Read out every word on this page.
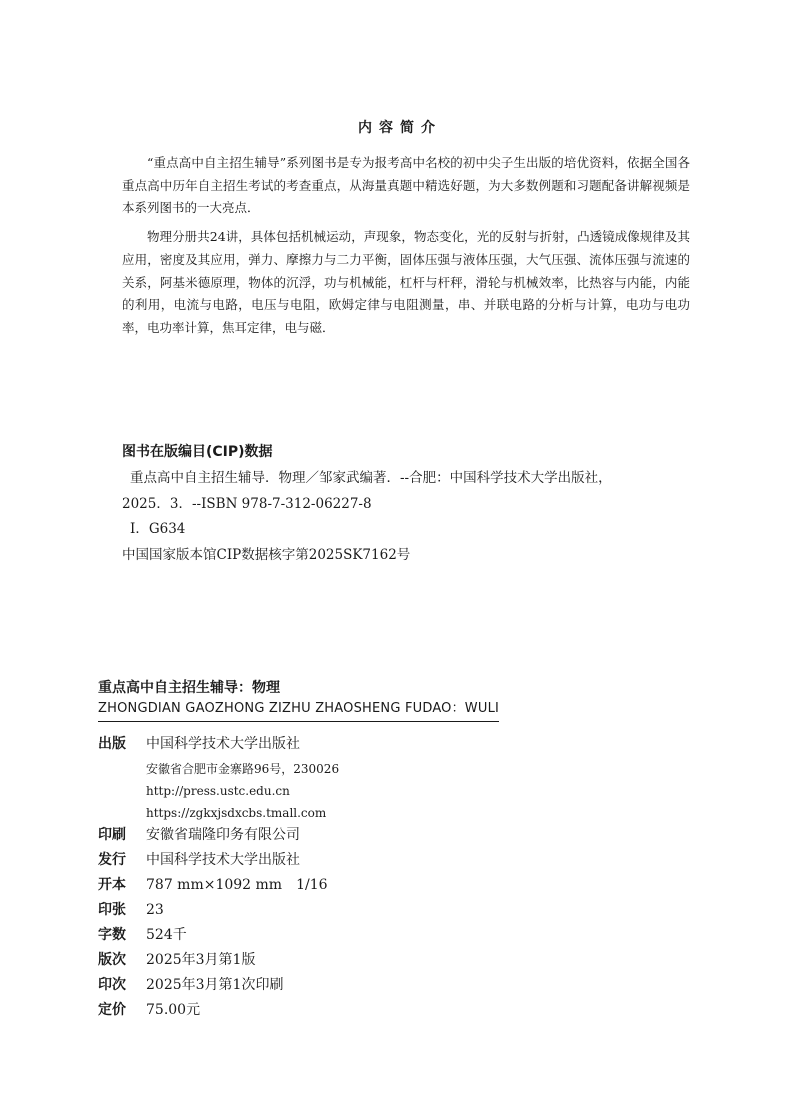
内容简介

“重点高中自主招生辅导”系列图书是专为报考高中名校的初中尖子生出版的培优资料，依据全国各重点高中历年自主招生考试的考查重点，从海量真题中精选好题，为大多数例题和习题配备讲解视频是本系列图书的一大亮点．

物理分册共24讲，具体包括机械运动，声现象，物态变化，光的反射与折射，凸透镜成像规律及其应用，密度及其应用，弹力、摩擦力与二力平衡，固体压强与液体压强，大气压强、流体压强与流速的关系，阿基米德原理，物体的沉浮，功与机械能，杠杆与杆秤，滑轮与机械效率，比热容与内能，内能的利用，电流与电路，电压与电阻，欧姆定律与电阻测量，串、并联电路的分析与计算，电功与电功率，电功率计算，焦耳定律，电与磁．

图书在版编目(CIP)数据
重点高中自主招生辅导．物理／邹家武编著．--合肥：中国科学技术大学出版社，
2025．3．--ISBN 978-7-312-06227-8
Ⅰ．G634
中国国家版本馆CIP数据核字第2025SK7162号
重点高中自主招生辅导：物理
ZHONGDIAN GAOZHONG ZIZHU ZHAOSHENG FUDAO：WULI
出版	中国科学技术大学出版社
安徽省合肥市金寨路96号，230026
http://press.ustc.edu.cn
https://zgkxjsdxcbs.tmall.com
印刷	安徽省瑞隆印务有限公司
发行	中国科学技术大学出版社
开本	787 mm×1092 mm　1/16
印张	23
字数	524千
版次	2025年3月第1版
印次	2025年3月第1次印刷
定价	75.00元
